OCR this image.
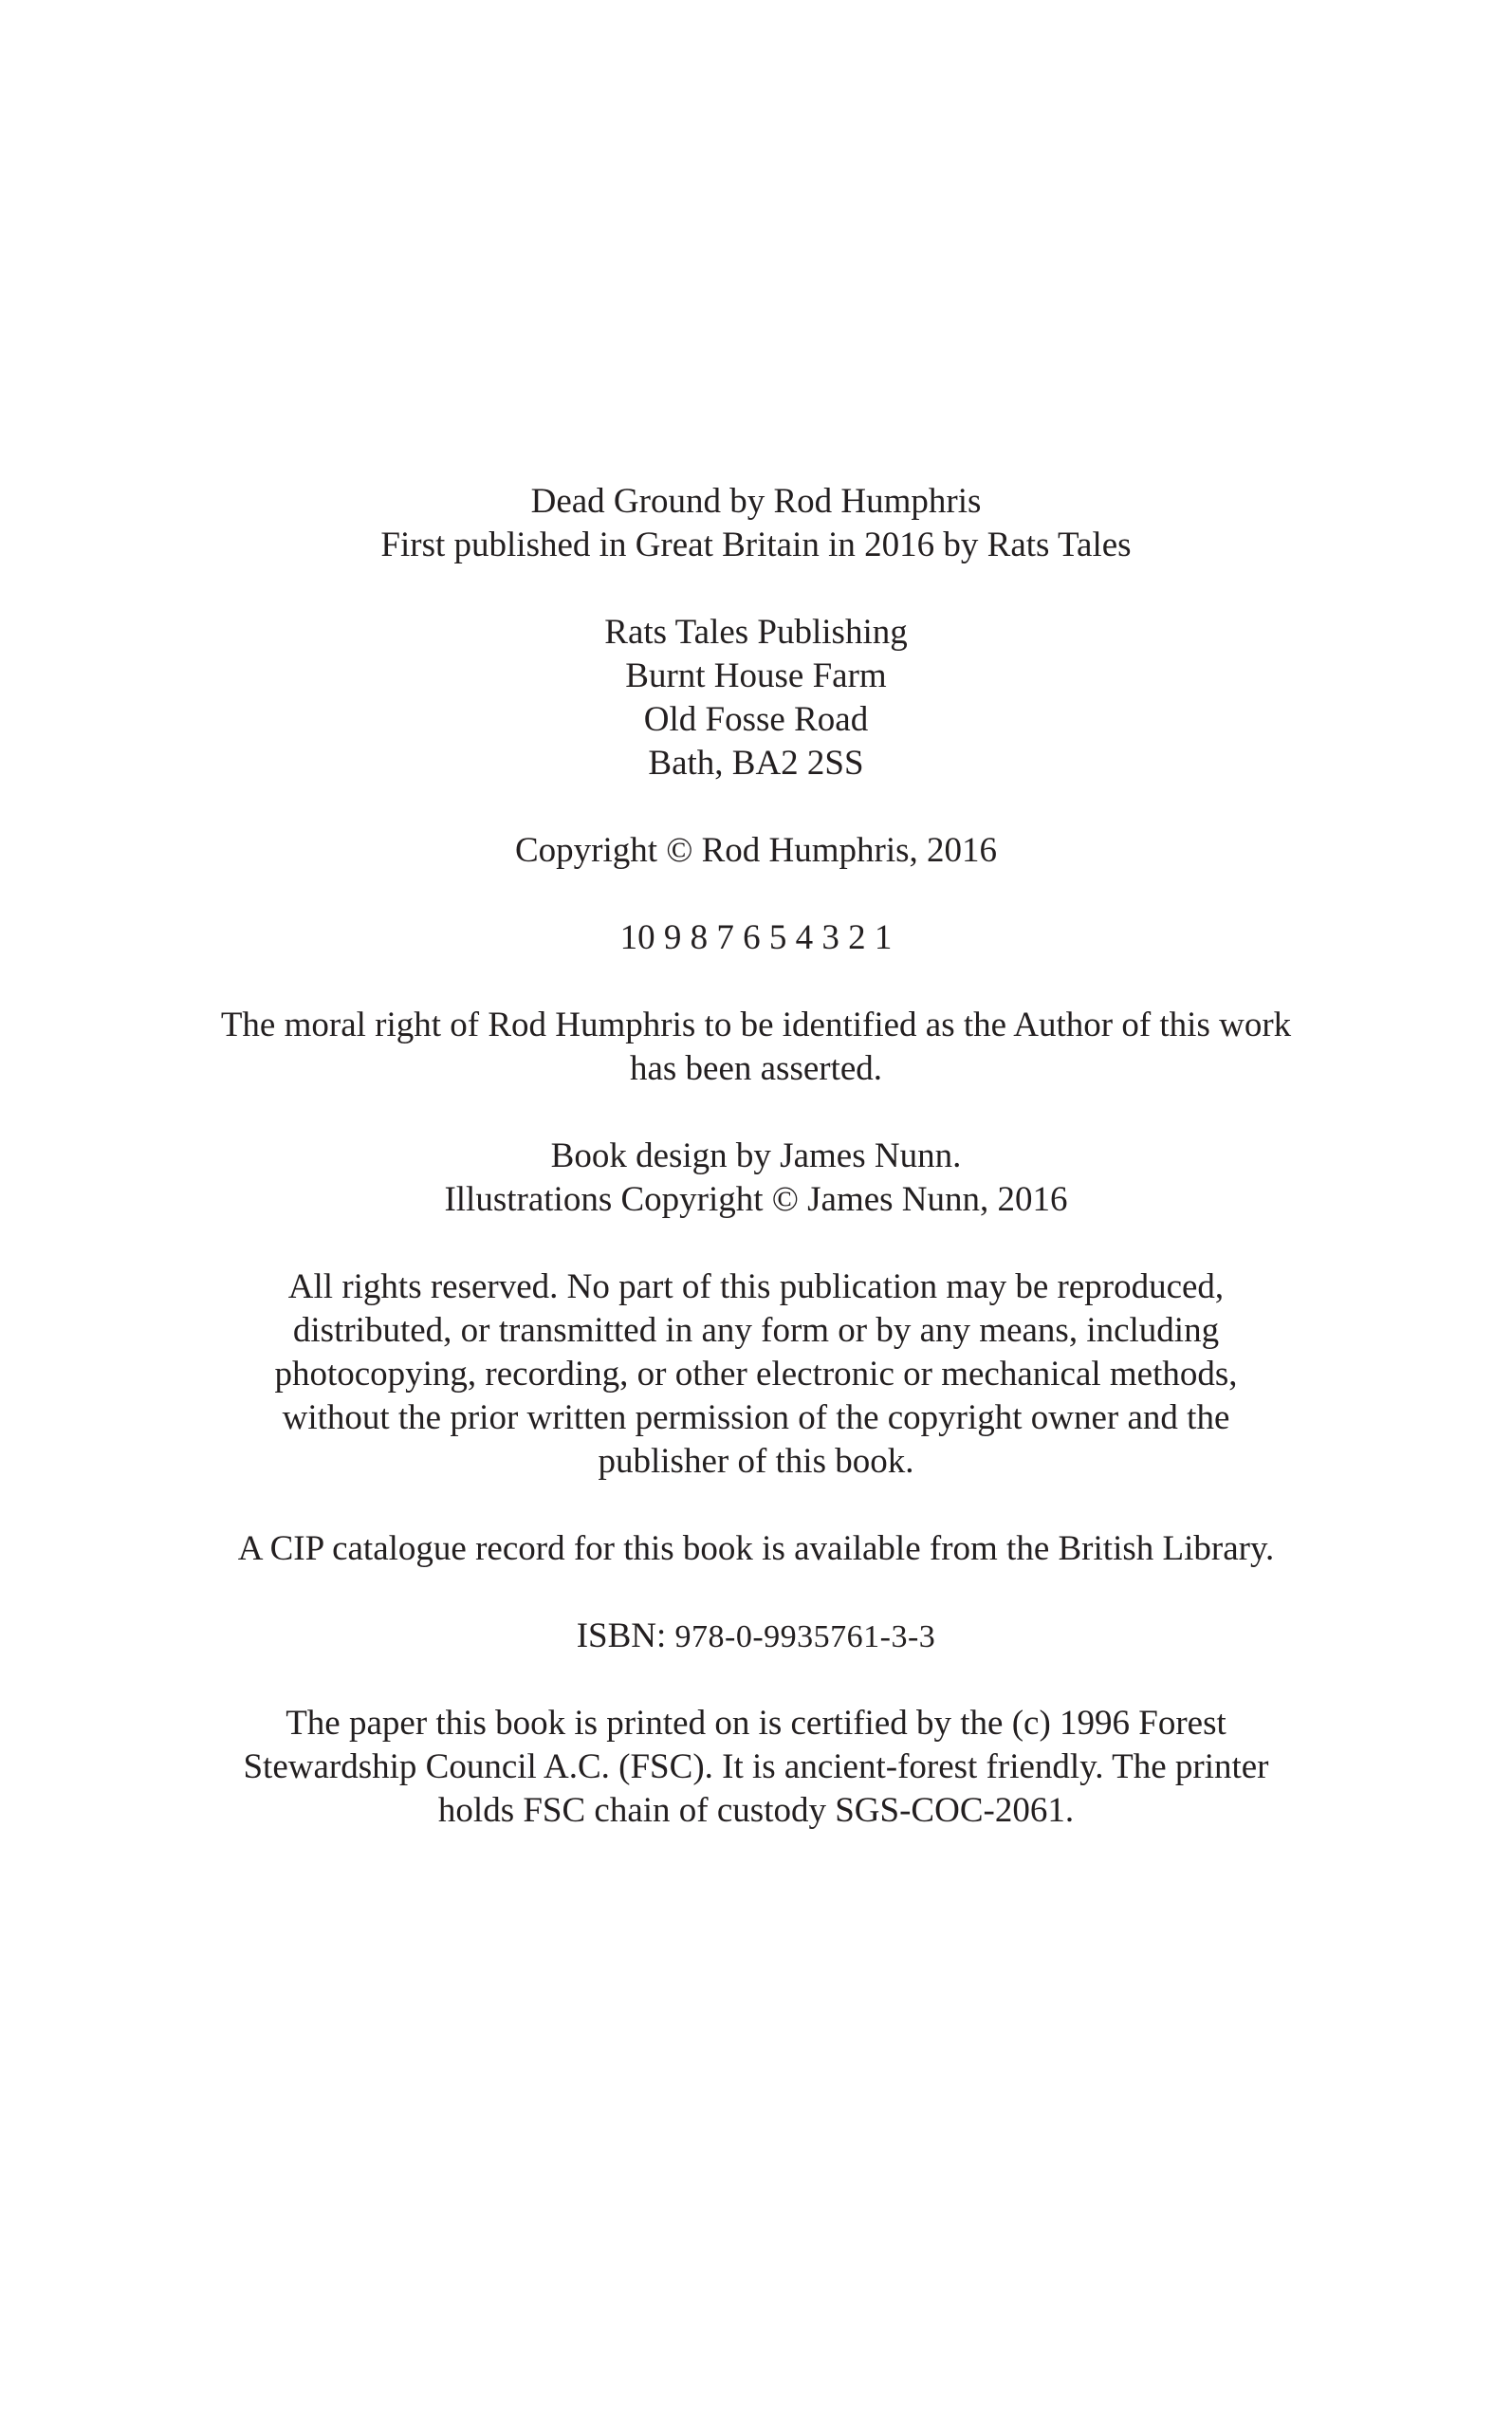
Dead Ground by Rod Humphris
First published in Great Britain in 2016 by Rats Tales
Rats Tales Publishing
Burnt House Farm
Old Fosse Road
Bath, BA2 2SS
Copyright © Rod Humphris, 2016
10 9 8 7 6 5 4 3 2 1
The moral right of Rod Humphris to be identified as the Author of this work
has been asserted.
Book design by James Nunn.
Illustrations Copyright © James Nunn, 2016
All rights reserved. No part of this publication may be reproduced,
distributed, or transmitted in any form or by any means, including
photocopying, recording, or other electronic or mechanical methods,
without the prior written permission of the copyright owner and the
publisher of this book.
A CIP catalogue record for this book is available from the British Library.
ISBN: 978-0-9935761-3-3
The paper this book is printed on is certified by the (c) 1996 Forest
Stewardship Council A.C. (FSC). It is ancient-forest friendly. The printer
holds FSC chain of custody SGS-COC-2061.
